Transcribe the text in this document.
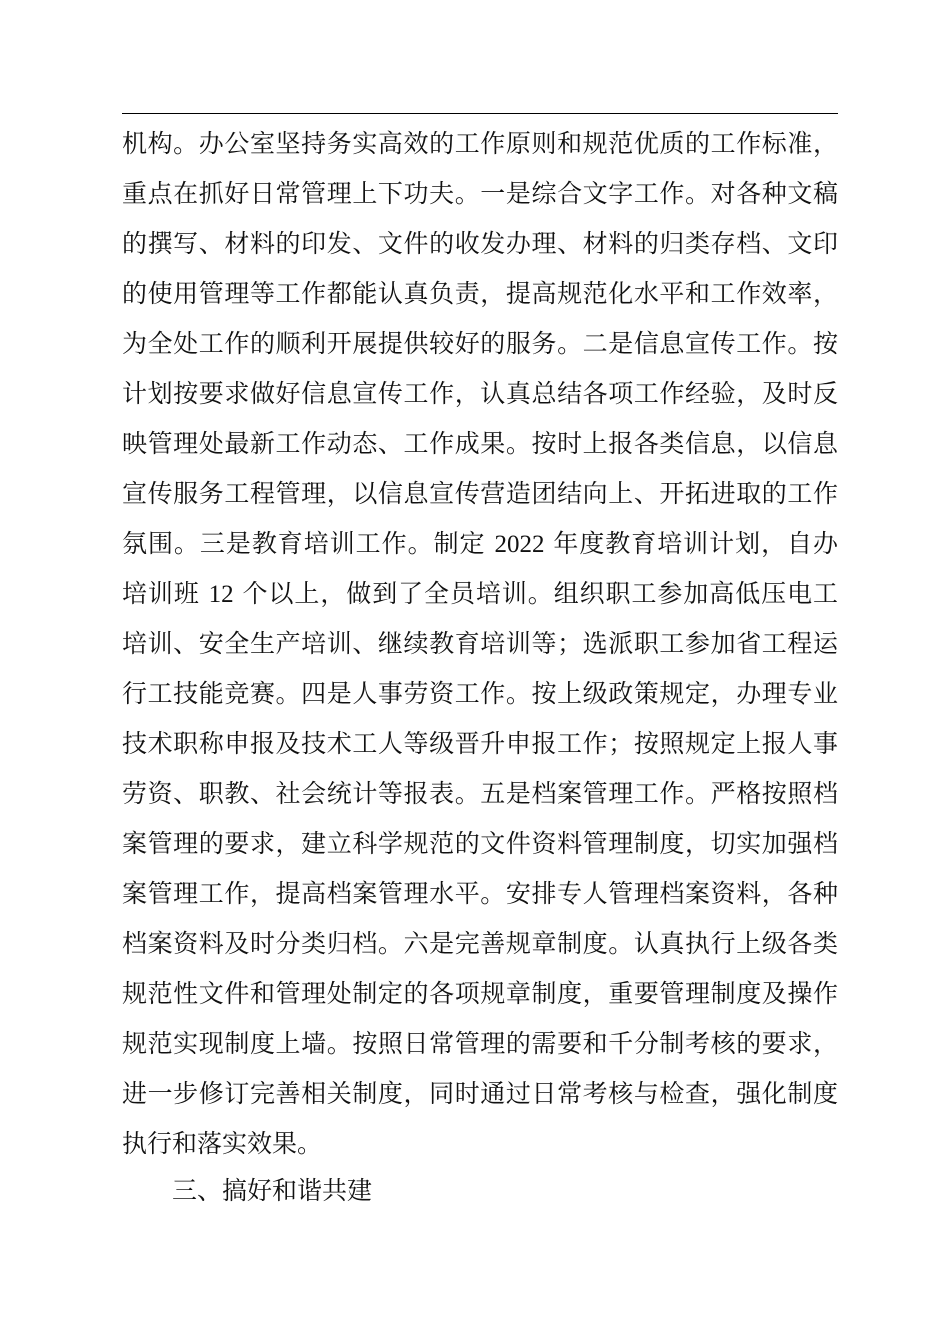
机构。办公室坚持务实高效的工作原则和规范优质的工作标准，
重点在抓好日常管理上下功夫。一是综合文字工作。对各种文稿
的撰写、材料的印发、文件的收发办理、材料的归类存档、文印
的使用管理等工作都能认真负责，提高规范化水平和工作效率，
为全处工作的顺利开展提供较好的服务。二是信息宣传工作。按
计划按要求做好信息宣传工作，认真总结各项工作经验，及时反
映管理处最新工作动态、工作成果。按时上报各类信息，以信息
宣传服务工程管理，以信息宣传营造团结向上、开拓进取的工作
氛围。三是教育培训工作。制定 2022 年度教育培训计划，自办
培训班 12 个以上，做到了全员培训。组织职工参加高低压电工
培训、安全生产培训、继续教育培训等；选派职工参加省工程运
行工技能竞赛。四是人事劳资工作。按上级政策规定，办理专业
技术职称申报及技术工人等级晋升申报工作；按照规定上报人事
劳资、职教、社会统计等报表。五是档案管理工作。严格按照档
案管理的要求，建立科学规范的文件资料管理制度，切实加强档
案管理工作，提高档案管理水平。安排专人管理档案资料，各种
档案资料及时分类归档。六是完善规章制度。认真执行上级各类
规范性文件和管理处制定的各项规章制度，重要管理制度及操作
规范实现制度上墙。按照日常管理的需要和千分制考核的要求，
进一步修订完善相关制度，同时通过日常考核与检查，强化制度
执行和落实效果。
三、搞好和谐共建
